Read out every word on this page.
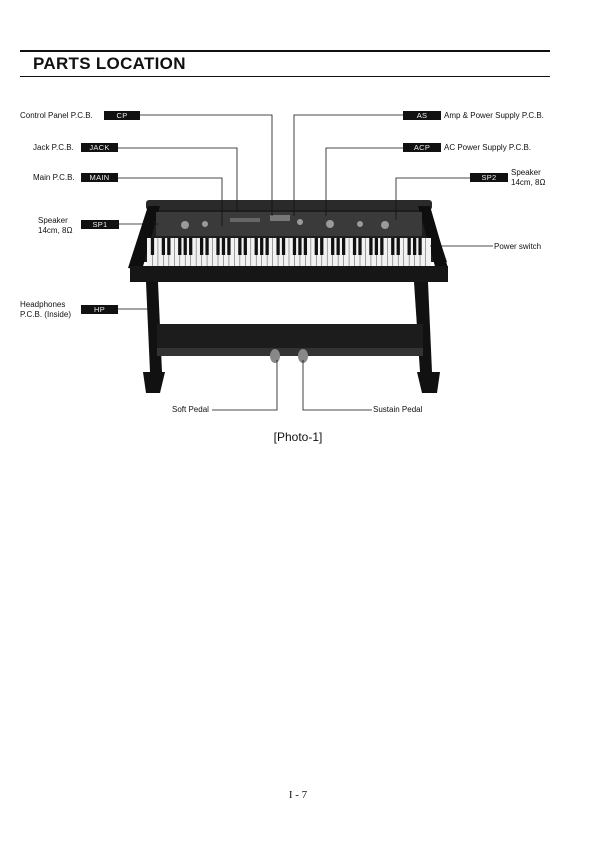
PARTS LOCATION
Control Panel P.C.B.	CP
Jack P.C.B.	JACK
Main P.C.B.	MAIN
Speaker
14cm, 8Ω
SP1
Headphones
P.C.B. (Inside)
HP
AS	Amp & Power Supply P.C.B.
ACP	AC Power Supply P.C.B.
SP2
Speaker
14cm, 8Ω
Power switch
Soft Pedal	Sustain Pedal
[Photo-1]
I - 7
